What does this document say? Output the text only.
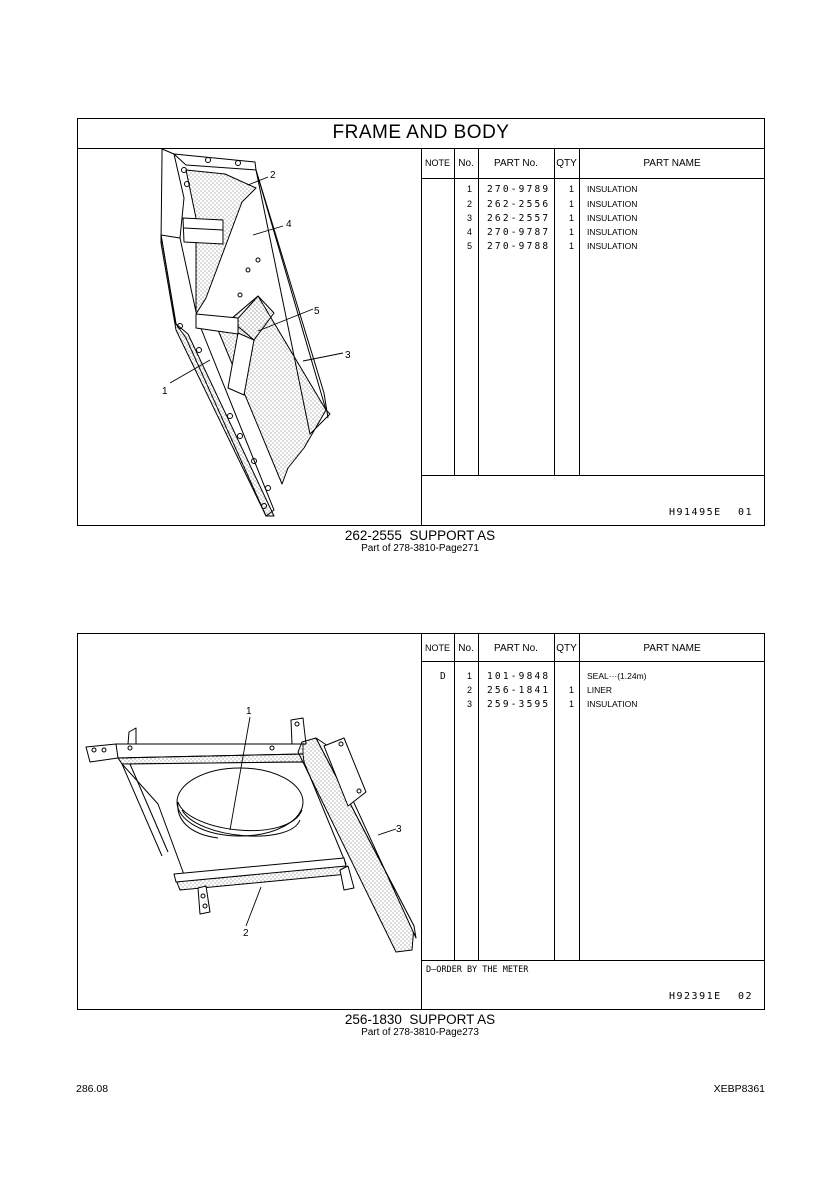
FRAME AND BODY
NOTE No.	PART No.	QTY	PART NAME
1 270-9789	1 INSULATION
2 262-2556	1 INSULATION
3 262-2557	1 INSULATION
4 270-9787	1 INSULATION
5 270-9788	1 INSULATION
H91495E 01
2
4
5
3
1
262-2555  SUPPORT AS
Part of 278-3810-Page271
NOTE No.	PART No.	QTY	PART NAME
D	1 101-9848	SEAL···(1.24m)
2 256-1841	1 LINER
3 259-3595	1 INSULATION
D—ORDER BY THE METER
H92391E 02
1
2
3
256-1830  SUPPORT AS
Part of 278-3810-Page273
286.08	XEBP8361
